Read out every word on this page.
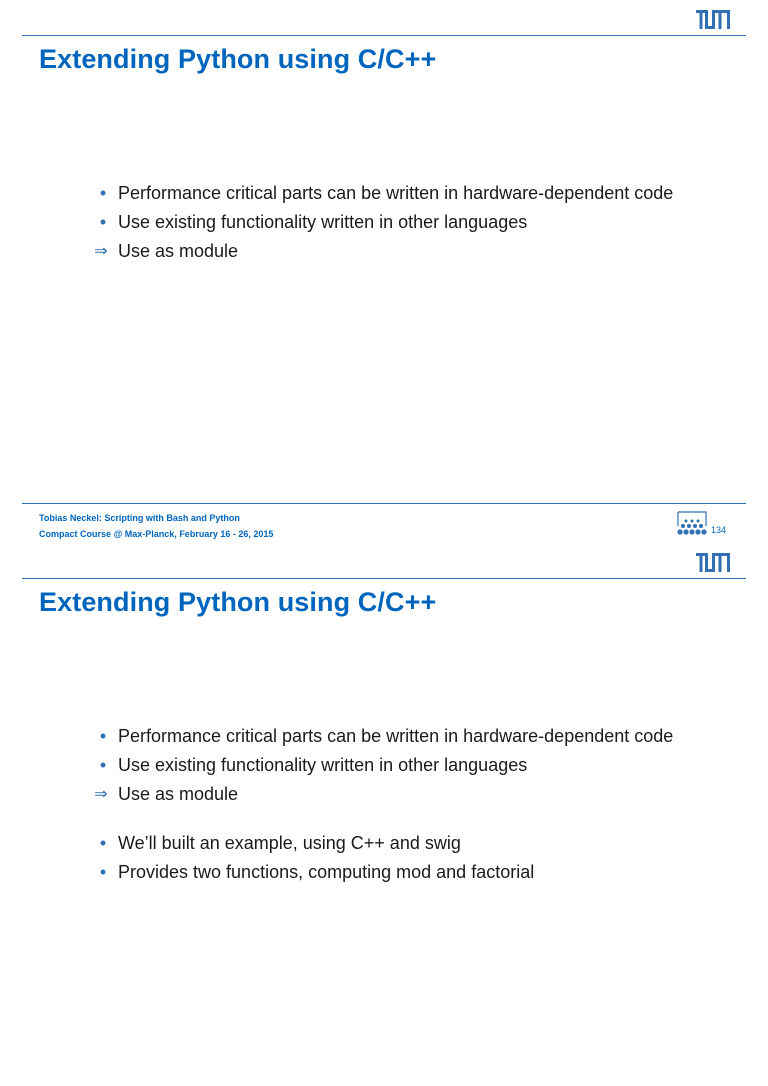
Extending Python using C/C++
• Performance critical parts can be written in hardware-dependent code
• Use existing functionality written in other languages
⇒ Use as module
Tobias Neckel: Scripting with Bash and Python
Compact Course @ Max-Planck, February 16 - 26, 2015	134
Extending Python using C/C++
• Performance critical parts can be written in hardware-dependent code
• Use existing functionality written in other languages
⇒ Use as module
• We’ll built an example, using C++ and swig
• Provides two functions, computing mod and factorial
